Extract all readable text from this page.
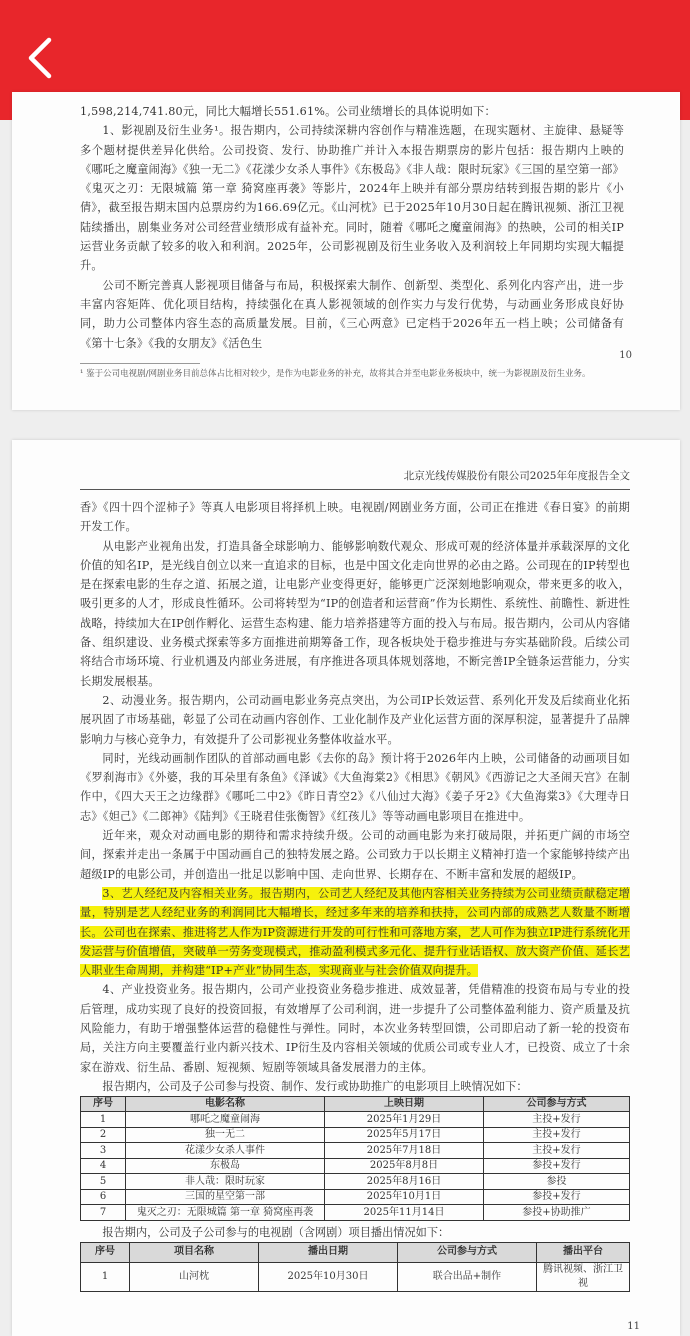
1,598,214,741.80元，同比大幅增长551.61%。公司业绩增长的具体说明如下：

1、影视剧及衍生业务¹。报告期内，公司持续深耕内容创作与精准选题，在现实题材、主旋律、悬疑等多个题材提供差异化供给。公司投资、发行、协助推广并计入本报告期票房的影片包括：报告期内上映的《哪吒之魔童闹海》《独一无二》《花漾少女杀人事件》《东极岛》《非人哉：限时玩家》《三国的星空第一部》《鬼灭之刃：无限城篇 第一章 猗窝座再袭》等影片，2024年上映并有部分票房结转到报告期的影片《小倩》，截至报告期末国内总票房约为166.69亿元。《山河枕》已于2025年10月30日起在腾讯视频、浙江卫视陆续播出，剧集业务对公司经营业绩形成有益补充。同时，随着《哪吒之魔童闹海》的热映，公司的相关IP运营业务贡献了较多的收入和利润。2025年，公司影视剧及衍生业务收入及利润较上年同期均实现大幅提升。

公司不断完善真人影视项目储备与布局，积极探索大制作、创新型、类型化、系列化内容产出，进一步丰富内容矩阵、优化项目结构，持续强化在真人影视领域的创作实力与发行优势，与动画业务形成良好协同，助力公司整体内容生态的高质量发展。目前，《三心两意》已定档于2026年五一档上映；公司储备有《第十七条》《我的女朋友》《活色生

¹ 鉴于公司电视剧/网剧业务目前总体占比相对较少，是作为电影业务的补充，故将其合并至电影业务板块中，统一为影视剧及衍生业务。

10
北京光线传媒股份有限公司2025年年度报告全文

香》《四十四个涩柿子》等真人电影项目将择机上映。电视剧/网剧业务方面，公司正在推进《春日宴》的前期开发工作。

从电影产业视角出发，打造具备全球影响力、能够影响数代观众、形成可观的经济体量并承载深厚的文化价值的知名IP，是光线自创立以来一直追求的目标，也是中国文化走向世界的必由之路。公司现在的IP转型也是在探索电影的生存之道、拓展之道，让电影产业变得更好，能够更广泛深刻地影响观众，带来更多的收入，吸引更多的人才，形成良性循环。公司将转型为“IP的创造者和运营商”作为长期性、系统性、前瞻性、新进性战略，持续加大在IP创作孵化、运营生态构建、能力培养搭建等方面的投入与布局。报告期内，公司从内容储备、组织建设、业务模式探索等多方面推进前期筹备工作，现各板块处于稳步推进与夯实基础阶段。后续公司将结合市场环境、行业机遇及内部业务进展，有序推进各项具体规划落地，不断完善IP全链条运营能力，分实长期发展根基。

2、动漫业务。报告期内，公司动画电影业务亮点突出，为公司IP长效运营、系列化开发及后续商业化拓展巩固了市场基础，彰显了公司在动画内容创作、工业化制作及产业化运营方面的深厚积淀，显著提升了品牌影响力与核心竞争力，有效提升了公司影视业务整体收益水平。

同时，光线动画制作团队的首部动画电影《去你的岛》预计将于2026年内上映，公司储备的动画项目如《罗刹海市》《外婆，我的耳朵里有条鱼》《泽诚》《大鱼海棠2》《相思》《朝风》《西游记之大圣闹天宫》在制作中，《四大天王之边缘群》《哪吒二中2》《昨日青空2》《八仙过大海》《姜子牙2》《大鱼海棠3》《大理寺日志》《妲己》《二郎神》《陆判》《王晓君佳张衡智》《红孩儿》等等动画电影项目在推进中。

近年来，观众对动画电影的期待和需求持续升级。公司的动画电影为来打破局限，并拓更广阔的市场空间，探索并走出一条属于中国动画自己的独特发展之路。公司致力于以长期主义精神打造一个家能够持续产出超级IP的电影公司，并创造出一批足以影响中国、走向世界、长期存在、不断丰富和发展的超级IP。

3、艺人经纪及内容相关业务。报告期内，公司艺人经纪及其他内容相关业务持续为公司业绩贡献稳定增量，特别是艺人经纪业务的利润同比大幅增长，经过多年来的培养和扶持，公司内部的成熟艺人数量不断增长。公司也在探索、推进将艺人作为IP资源进行开发的可行性和可落地方案，艺人可作为独立IP进行系统化开发运营与价值增值，突破单一劳务变现模式，推动盈利模式多元化、提升行业话语权、放大资产价值、延长艺人职业生命周期，并构建“IP+产业”协同生态，实现商业与社会价值双向提升。

4、产业投资业务。报告期内，公司产业投资业务稳步推进、成效显著，凭借精准的投资布局与专业的投后管理，成功实现了良好的投资回报，有效增厚了公司利润，进一步提升了公司整体盈利能力、资产质量及抗风险能力，有助于增强整体运营的稳健性与弹性。同时，本次业务转型回馈，公司即启动了新一轮的投资布局，关注方向主要覆盖行业内新兴技术、IP衍生及内容相关领域的优质公司或专业人才，已投资、成立了十余家在游戏、衍生品、番剧、短视频、短剧等领域具备发展潜力的主体。

报告期内，公司及子公司参与投资、制作、发行或协助推广的电影项目上映情况如下：

序号	电影名称	上映日期	公司参与方式
1	哪吒之魔童闹海	2025年1月29日	主投+发行
2	独一无二	2025年5月17日	主投+发行
3	花漾少女杀人事件	2025年7月18日	主投+发行
4	东极岛	2025年8月8日	参投+发行
5	非人哉：限时玩家	2025年8月16日	参投
6	三国的星空第一部	2025年10月1日	参投+发行
7	鬼灭之刃：无限城篇 第一章 猗窝座再袭	2025年11月14日	参投+协助推广

报告期内，公司及子公司参与的电视剧（含网剧）项目播出情况如下：

序号	项目名称	播出日期	公司参与方式	播出平台
1	山河枕	2025年10月30日	联合出品+制作	腾讯视频、浙江卫视
11
